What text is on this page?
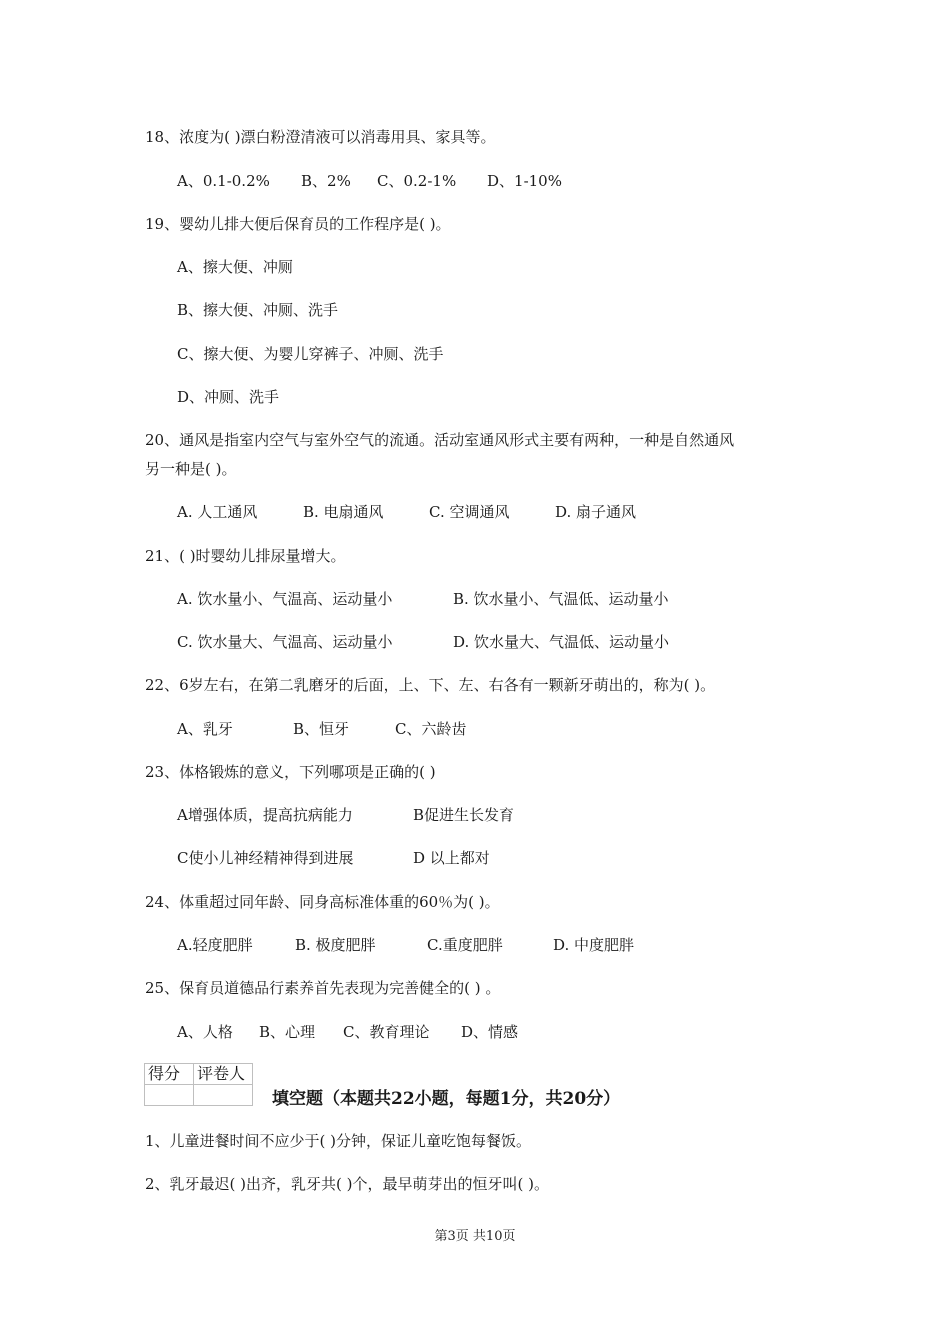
18、浓度为( )漂白粉澄清液可以消毒用具、家具等。
A、0.1-0.2% B、2% C、0.2-1% D、1-10%
19、婴幼儿排大便后保育员的工作程序是( )。
A、擦大便、冲厕
B、擦大便、冲厕、洗手
C、擦大便、为婴儿穿裤子、冲厕、洗手
D、冲厕、洗手
20、通风是指室内空气与室外空气的流通。活动室通风形式主要有两种，一种是自然通风
另一种是( )。
A. 人工通风	B. 电扇通风	C. 空调通风	D. 扇子通风
21、( )时婴幼儿排尿量增大。
A. 饮水量小、气温高、运动量小	B. 饮水量小、气温低、运动量小
C. 饮水量大、气温高、运动量小	D. 饮水量大、气温低、运动量小
22、6岁左右，在第二乳磨牙的后面，上、下、左、右各有一颗新牙萌出的，称为( )。
A、乳牙	B、恒牙	C、六龄齿
23、体格锻炼的意义，下列哪项是正确的( )
A增强体质，提高抗病能力	B促进生长发育
C使小儿神经精神得到进展	D 以上都对
24、体重超过同年龄、同身高标准体重的60％为( )。
A.轻度肥胖	B. 极度肥胖	C.重度肥胖	D. 中度肥胖
25、保育员道德品行素养首先表现为完善健全的( ) 。
A、人格 B、心理 C、教育理论 D、情感
得分	评卷人

填空题（本题共22小题，每题1分，共20分）
1、儿童进餐时间不应少于( )分钟，保证儿童吃饱每餐饭。
2、乳牙最迟( )出齐，乳牙共( )个，最早萌芽出的恒牙叫( )。
第3页 共10页
